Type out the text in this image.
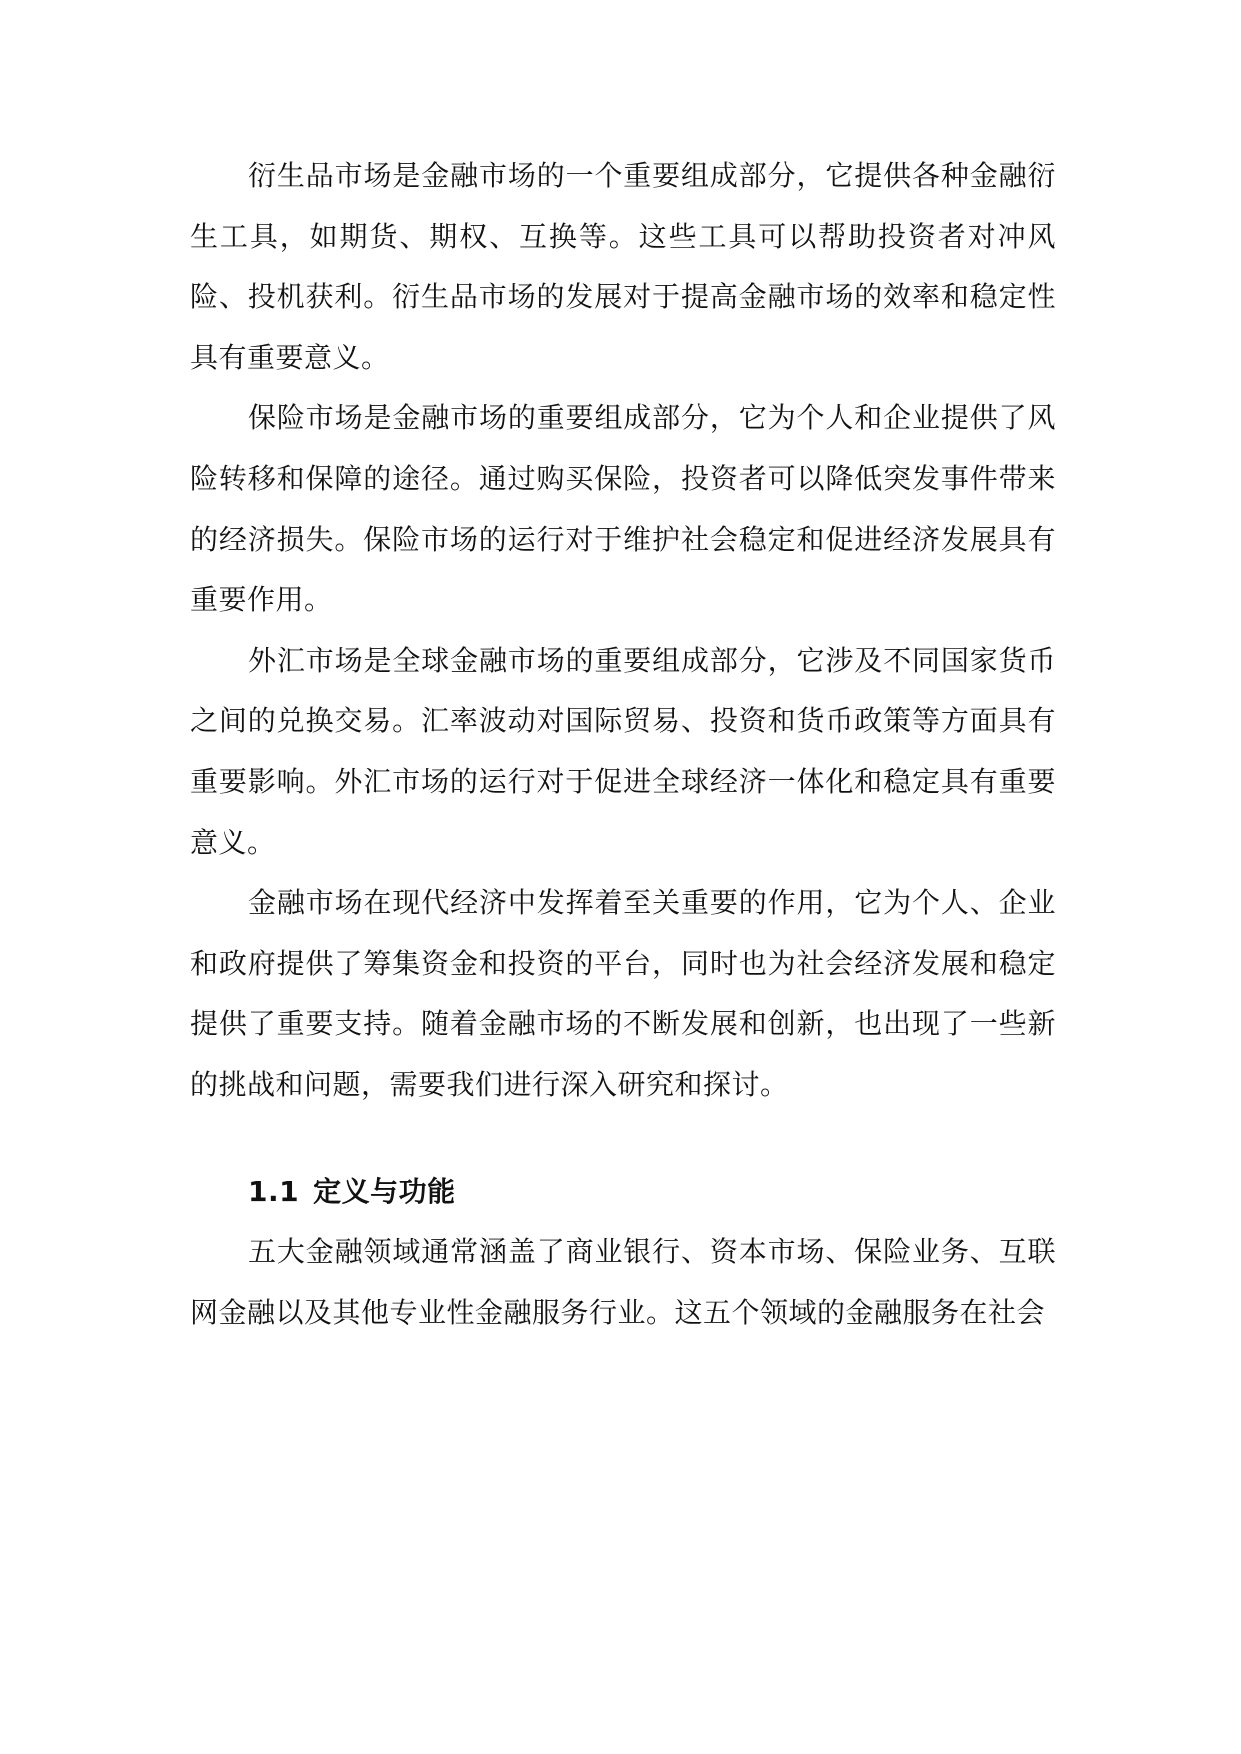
衍生品市场是金融市场的一个重要组成部分，它提供各种金融衍生工具，如期货、期权、互换等。这些工具可以帮助投资者对冲风险、投机获利。衍生品市场的发展对于提高金融市场的效率和稳定性具有重要意义。

保险市场是金融市场的重要组成部分，它为个人和企业提供了风险转移和保障的途径。通过购买保险，投资者可以降低突发事件带来的经济损失。保险市场的运行对于维护社会稳定和促进经济发展具有重要作用。

外汇市场是全球金融市场的重要组成部分，它涉及不同国家货币之间的兑换交易。汇率波动对国际贸易、投资和货币政策等方面具有重要影响。外汇市场的运行对于促进全球经济一体化和稳定具有重要意义。

金融市场在现代经济中发挥着至关重要的作用，它为个人、企业和政府提供了筹集资金和投资的平台，同时也为社会经济发展和稳定提供了重要支持。随着金融市场的不断发展和创新，也出现了一些新的挑战和问题，需要我们进行深入研究和探讨。

1.1 定义与功能

五大金融领域通常涵盖了商业银行、资本市场、保险业务、互联网金融以及其他专业性金融服务行业。这五个领域的金融服务在社会
